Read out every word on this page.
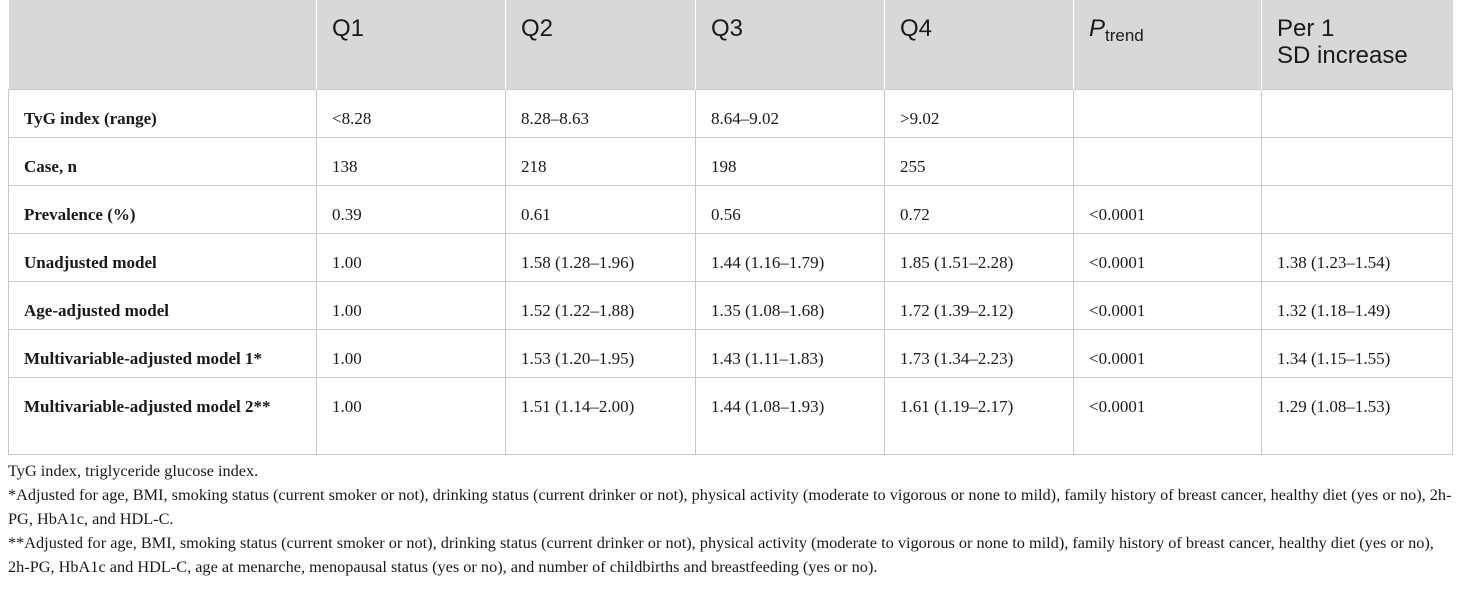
	Q1	Q2	Q3	Q4	$P_{trend}$	Per 1
SD increase
TyG index (range)	<8.28	8.28–8.63	8.64–9.02	>9.02		
Case, n	138	218	198	255		
Prevalence (%)	0.39	0.61	0.56	0.72	<0.0001	
Unadjusted model	1.00	1.58 (1.28–1.96)	1.44 (1.16–1.79)	1.85 (1.51–2.28)	<0.0001	1.38 (1.23–1.54)
Age-adjusted model	1.00	1.52 (1.22–1.88)	1.35 (1.08–1.68)	1.72 (1.39–2.12)	<0.0001	1.32 (1.18–1.49)
Multivariable-adjusted model 1*	1.00	1.53 (1.20–1.95)	1.43 (1.11–1.83)	1.73 (1.34–2.23)	<0.0001	1.34 (1.15–1.55)
Multivariable-adjusted model 2**	1.00	1.51 (1.14–2.00)	1.44 (1.08–1.93)	1.61 (1.19–2.17)	<0.0001	1.29 (1.08–1.53)

TyG index, triglyceride glucose index.

*Adjusted for age, BMI, smoking status (current smoker or not), drinking status (current drinker or not), physical activity (moderate to vigorous or none to mild), family history of breast cancer, healthy diet (yes or no), 2h-PG, HbA1c, and HDL-C.

**Adjusted for age, BMI, smoking status (current smoker or not), drinking status (current drinker or not), physical activity (moderate to vigorous or none to mild), family history of breast cancer, healthy diet (yes or no), 2h-PG, HbA1c and HDL-C, age at menarche, menopausal status (yes or no), and number of childbirths and breastfeeding (yes or no).
